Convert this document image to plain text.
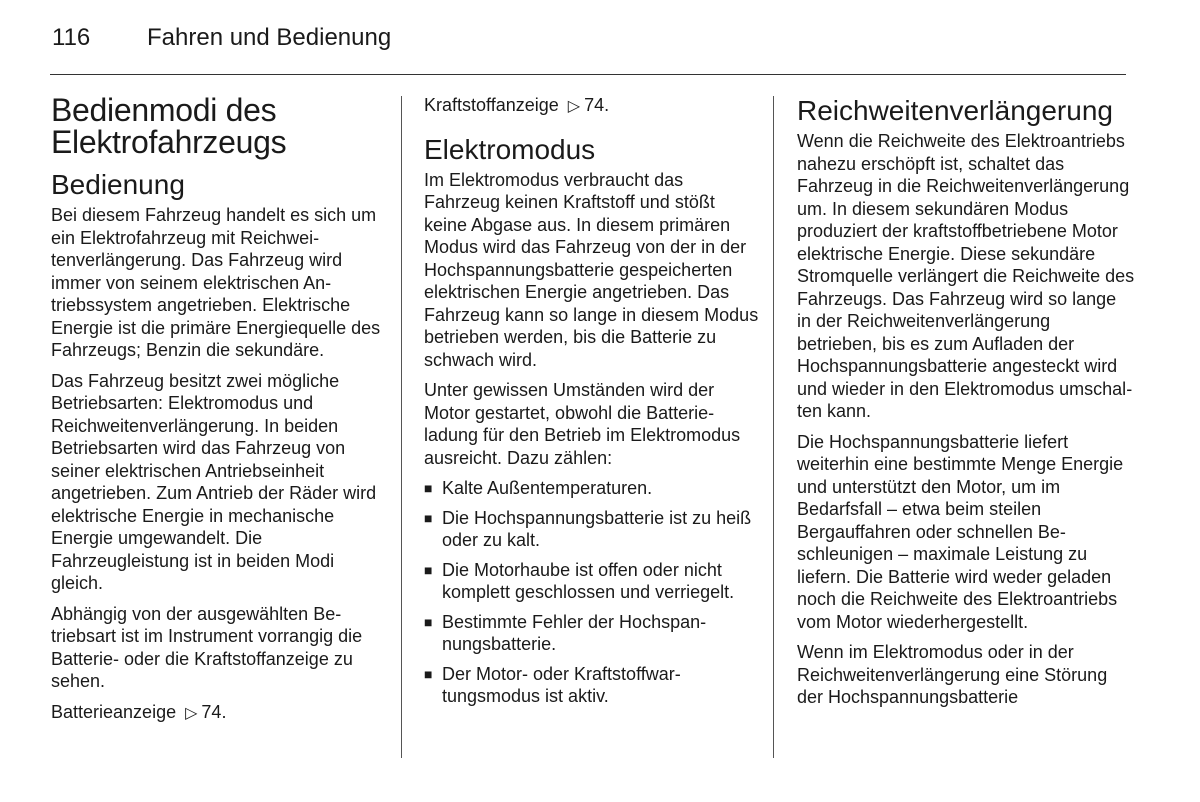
116	Fahren und Bedienung
Bedienmodi des Elektrofahrzeugs
Bedienung

Bei diesem Fahrzeug handelt es sich um ein Elektrofahrzeug mit Reichweitenverlängerung. Das Fahrzeug wird immer von seinem elektrischen Antriebssystem angetrieben. Elektrische Energie ist die primäre Energiequelle des Fahrzeugs; Benzin die sekundäre.

Das Fahrzeug besitzt zwei mögliche Betriebsarten: Elektromodus und Reichweitenverlängerung. In beiden Betriebsarten wird das Fahrzeug von seiner elektrischen Antriebseinheit angetrieben. Zum Antrieb der Räder wird elektrische Energie in mechanische Energie umgewandelt. Die Fahrzeugleistung ist in beiden Modi gleich.

Abhängig von der ausgewählten Betriebsart ist im Instrument vorrangig die Batterie- oder die Kraftstoffanzeige zu sehen.

Batterieanzeige ▷ 74.

Kraftstoffanzeige ▷ 74.

Elektromodus

Im Elektromodus verbraucht das Fahrzeug keinen Kraftstoff und stößt keine Abgase aus. In diesem primären Modus wird das Fahrzeug von der in der Hochspannungsbatterie gespeicherten elektrischen Energie angetrieben. Das Fahrzeug kann so lange in diesem Modus betrieben werden, bis die Batterie zu schwach wird.

Unter gewissen Umständen wird der Motor gestartet, obwohl die Batterieladung für den Betrieb im Elektromodus ausreicht. Dazu zählen:

■ Kalte Außentemperaturen.
■ Die Hochspannungsbatterie ist zu heiß oder zu kalt.
■ Die Motorhaube ist offen oder nicht komplett geschlossen und verriegelt.
■ Bestimmte Fehler der Hochspannungsbatterie.
■ Der Motor- oder Kraftstoffwartungsmodus ist aktiv.
Reichweitenverlängerung

Wenn die Reichweite des Elektroantriebs nahezu erschöpft ist, schaltet das Fahrzeug in die Reichweitenverlängerung um. In diesem sekundären Modus produziert der kraftstoffbetriebene Motor elektrische Energie. Diese sekundäre Stromquelle verlängert die Reichweite des Fahrzeugs. Das Fahrzeug wird so lange in der Reichweitenverlängerung betrieben, bis es zum Aufladen der Hochspannungsbatterie angesteckt wird und wieder in den Elektromodus umschalten kann.

Die Hochspannungsbatterie liefert weiterhin eine bestimmte Menge Energie und unterstützt den Motor, um im Bedarfsfall – etwa beim steilen Bergauffahren oder schnellen Beschleunigen – maximale Leistung zu liefern. Die Batterie wird weder geladen noch die Reichweite des Elektroantriebs vom Motor wiederhergestellt.

Wenn im Elektromodus oder in der Reichweitenverlängerung eine Störung der Hochspannungsbatterie
